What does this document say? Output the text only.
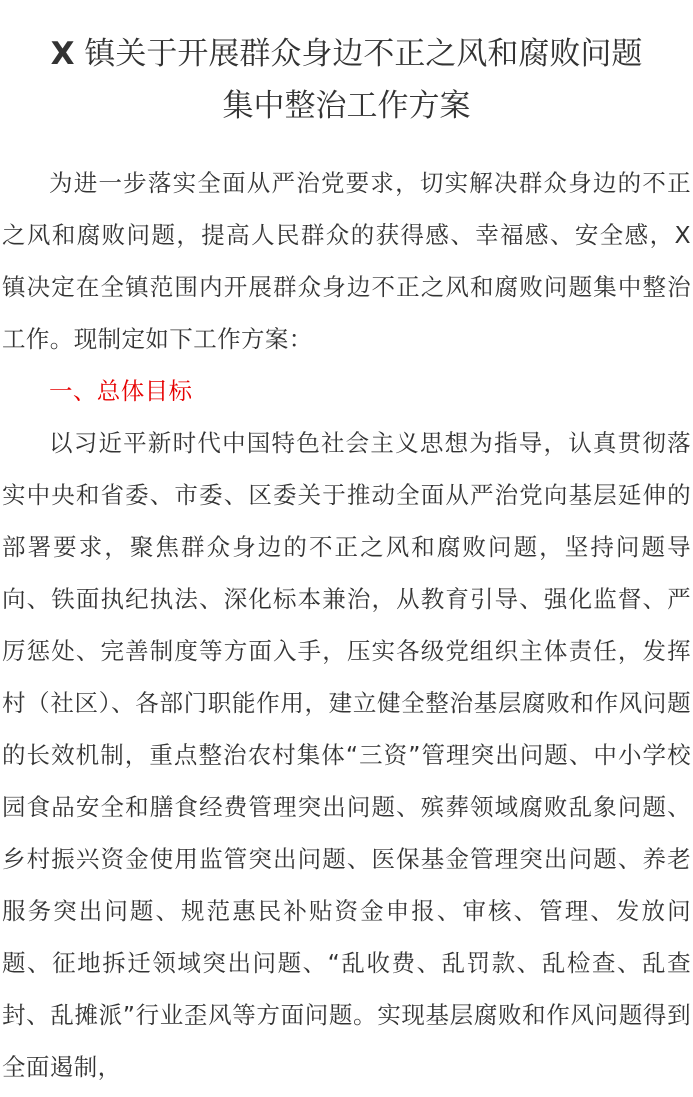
X 镇关于开展群众身边不正之风和腐败问题
集中整治工作方案

为进一步落实全面从严治党要求，切实解决群众身边的不正之风和腐败问题，提高人民群众的获得感、幸福感、安全感，X 镇决定在全镇范围内开展群众身边不正之风和腐败问题集中整治工作。现制定如下工作方案：

一、总体目标

以习近平新时代中国特色社会主义思想为指导，认真贯彻落实中央和省委、市委、区委关于推动全面从严治党向基层延伸的部署要求，聚焦群众身边的不正之风和腐败问题，坚持问题导向、铁面执纪执法、深化标本兼治，从教育引导、强化监督、严厉惩处、完善制度等方面入手，压实各级党组织主体责任，发挥村（社区）、各部门职能作用，建立健全整治基层腐败和作风问题的长效机制，重点整治农村集体“三资”管理突出问题、中小学校园食品安全和膳食经费管理突出问题、殡葬领域腐败乱象问题、乡村振兴资金使用监管突出问题、医保基金管理突出问题、养老服务突出问题、规范惠民补贴资金申报、审核、管理、发放问题、征地拆迁领域突出问题、“乱收费、乱罚款、乱检查、乱查封、乱摊派”行业歪风等方面问题。实现基层腐败和作风问题得到全面遏制，
